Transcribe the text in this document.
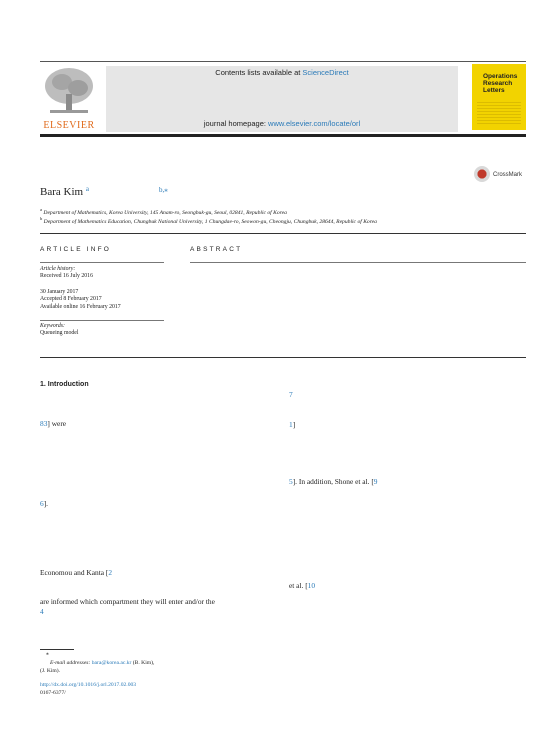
ELSEVIER
Contents lists available at ScienceDirect
journal homepage: www.elsevier.com/locate/orl
Operations Research Letters
CrossMark
Bara Kim $^a$	b,⁎
$^a$ Department of Mathematics, Korea University, 145 Anam-ro, Seongbuk-gu, Seoul, 02841, Republic of Korea
$^b$ Department of Mathematics Education, Chungbuk National University, 1 Chungdae-ro, Seowon-gu, Cheongju, Chungbuk, 28644, Republic of Korea
ARTICLE INFO	ABSTRACT
Article history:
Received 16 July 2016
30 January 2017
Accepted 8 February 2017
Available online 16 February 2017
Keywords:
Queueing model
1. Introduction
83] were
6].
Economou and Kanta [2
are informed which compartment they will enter and/or the
4
7
1]
5]. In addition, Shone et al. [9
et al. [10
⁎
E-mail addresses: bara@korea.ac.kr (B. Kim),
(J. Kim).
http://dx.doi.org/10.1016/j.orl.2017.02.003
0167-6377/
